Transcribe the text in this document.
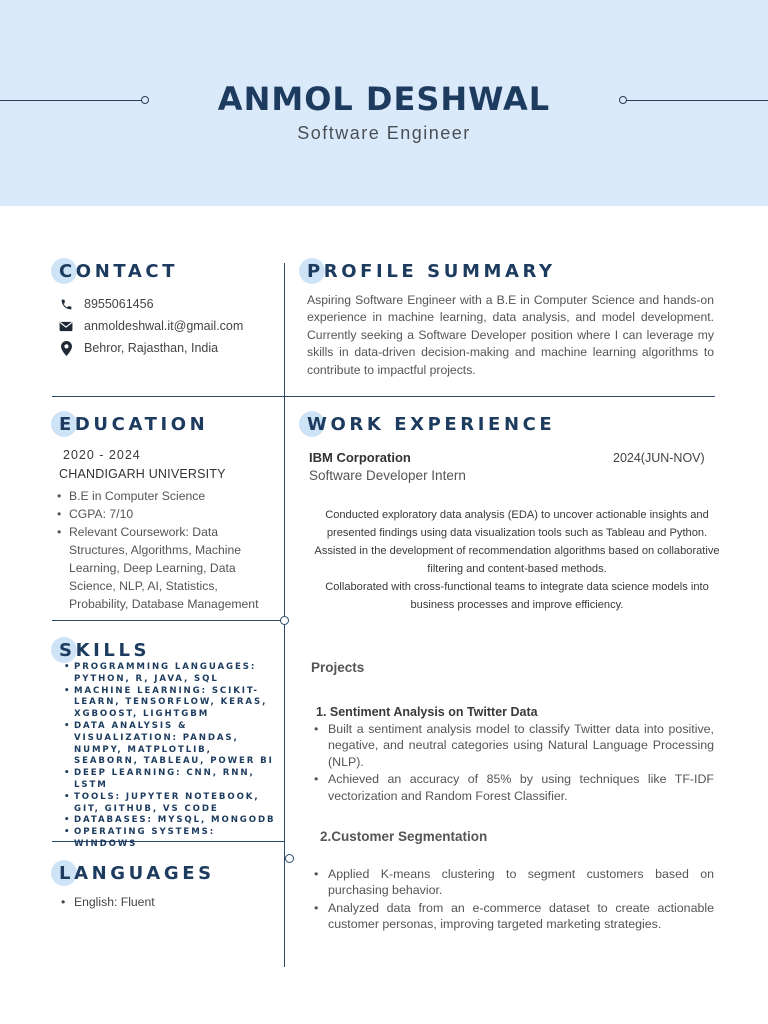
ANMOL DESHWAL
Software Engineer
CONTACT
8955061456
anmoldeshwal.it@gmail.com
Behror, Rajasthan, India
PROFILE SUMMARY
Aspiring Software Engineer with a B.E in Computer Science and hands-on experience in machine learning, data analysis, and model development. Currently seeking a Software Developer position where I can leverage my skills in data-driven decision-making and machine learning algorithms to contribute to impactful projects.
EDUCATION
2020 - 2024
CHANDIGARH UNIVERSITY
• B.E in Computer Science
• CGPA: 7/10
• Relevant Coursework: Data Structures, Algorithms, Machine Learning, Deep Learning, Data Science, NLP, AI, Statistics, Probability, Database Management
SKILLS
• PROGRAMMING LANGUAGES: PYTHON, R, JAVA, SQL
• MACHINE LEARNING: SCIKIT-LEARN, TENSORFLOW, KERAS, XGBOOST, LIGHTGBM
• DATA ANALYSIS & VISUALIZATION: PANDAS, NUMPY, MATPLOTLIB, SEABORN, TABLEAU, POWER BI
• DEEP LEARNING: CNN, RNN, LSTM
• TOOLS: JUPYTER NOTEBOOK, GIT, GITHUB, VS CODE
• DATABASES: MYSQL, MONGODB
• OPERATING SYSTEMS: WINDOWS
LANGUAGES
• English: Fluent
WORK EXPERIENCE
IBM Corporation	2024(JUN-NOV)
Software Developer Intern
Conducted exploratory data analysis (EDA) to uncover actionable insights and presented findings using data visualization tools such as Tableau and Python.
Assisted in the development of recommendation algorithms based on collaborative filtering and content-based methods.
Collaborated with cross-functional teams to integrate data science models into business processes and improve efficiency.
Projects
1. Sentiment Analysis on Twitter Data
• Built a sentiment analysis model to classify Twitter data into positive, negative, and neutral categories using Natural Language Processing (NLP).
• Achieved an accuracy of 85% by using techniques like TF-IDF vectorization and Random Forest Classifier.
2.Customer Segmentation
• Applied K-means clustering to segment customers based on purchasing behavior.
• Analyzed data from an e-commerce dataset to create actionable customer personas, improving targeted marketing strategies.
